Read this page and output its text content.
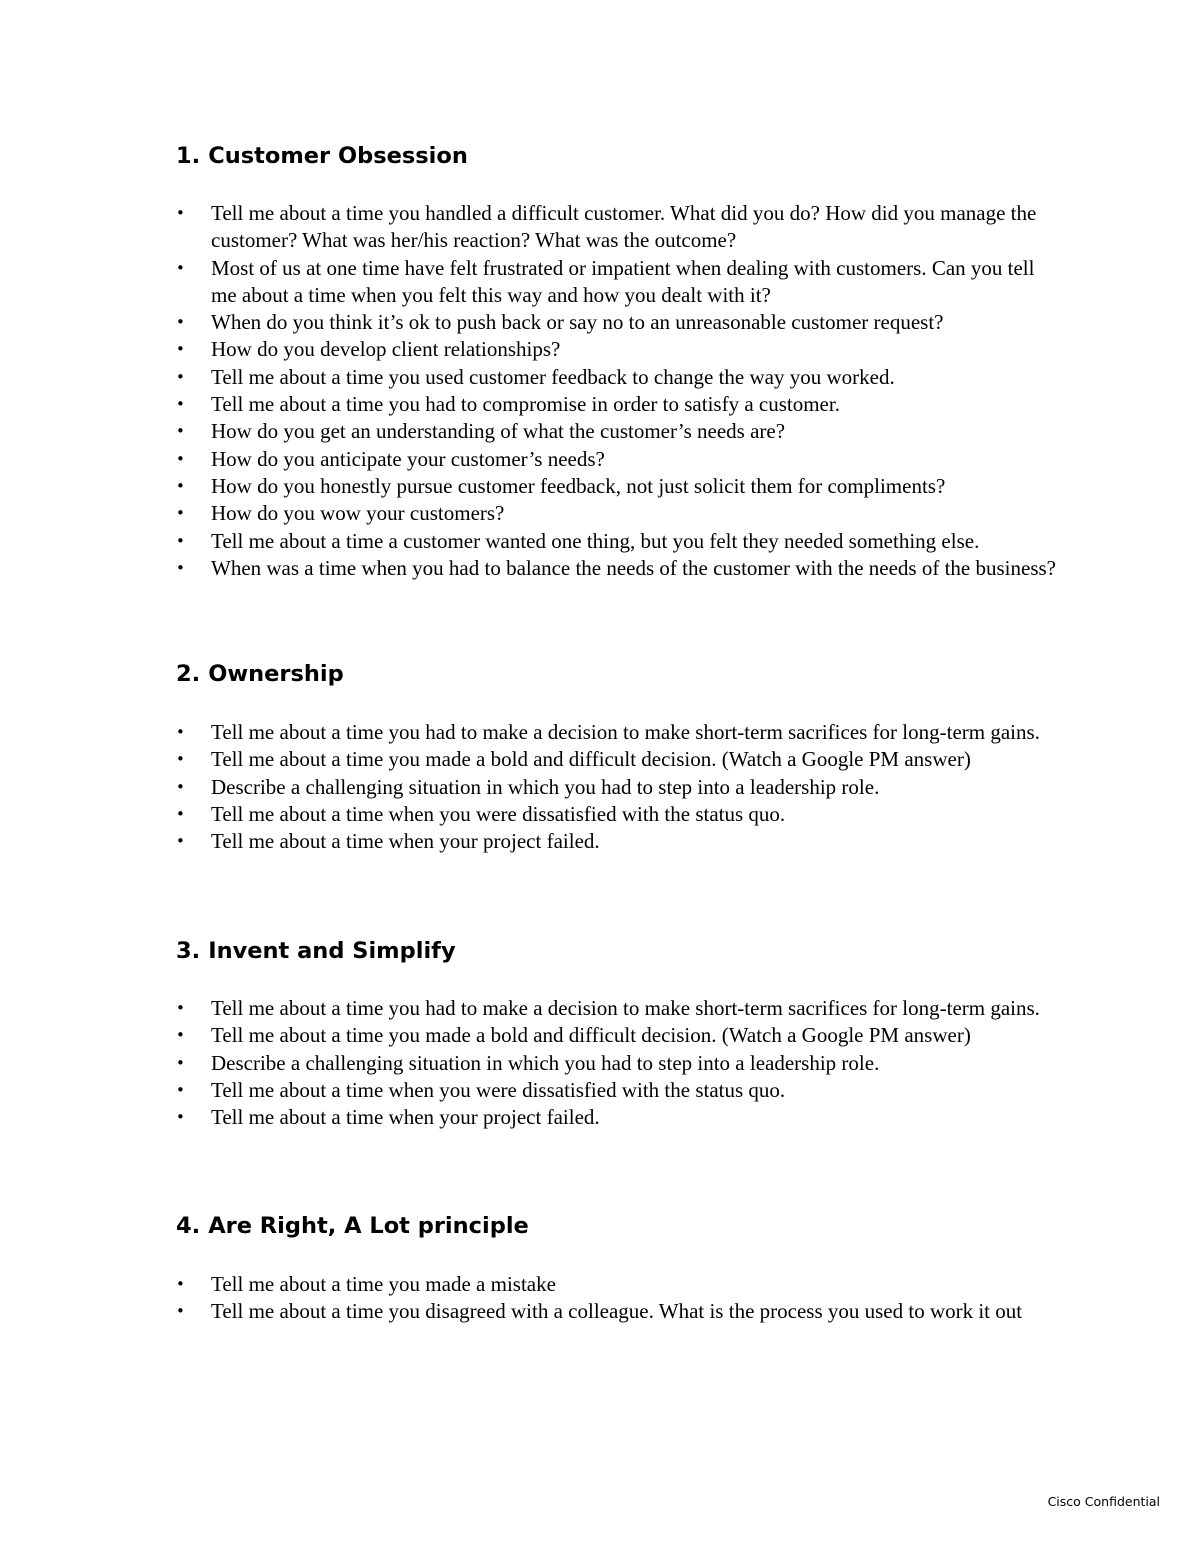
1. Customer Obsession
• Tell me about a time you handled a difficult customer. What did you do? How did you manage the customer? What was her/his reaction? What was the outcome?
• Most of us at one time have felt frustrated or impatient when dealing with customers. Can you tell me about a time when you felt this way and how you dealt with it?
• When do you think it’s ok to push back or say no to an unreasonable customer request?
• How do you develop client relationships?
• Tell me about a time you used customer feedback to change the way you worked.
• Tell me about a time you had to compromise in order to satisfy a customer.
• How do you get an understanding of what the customer’s needs are?
• How do you anticipate your customer’s needs?
• How do you honestly pursue customer feedback, not just solicit them for compliments?
• How do you wow your customers?
• Tell me about a time a customer wanted one thing, but you felt they needed something else.
• When was a time when you had to balance the needs of the customer with the needs of the business?
2. Ownership
• Tell me about a time you had to make a decision to make short-term sacrifices for long-term gains.
• Tell me about a time you made a bold and difficult decision. (Watch a Google PM answer)
• Describe a challenging situation in which you had to step into a leadership role.
• Tell me about a time when you were dissatisfied with the status quo.
• Tell me about a time when your project failed.
3. Invent and Simplify
• Tell me about a time you had to make a decision to make short-term sacrifices for long-term gains.
• Tell me about a time you made a bold and difficult decision. (Watch a Google PM answer)
• Describe a challenging situation in which you had to step into a leadership role.
• Tell me about a time when you were dissatisfied with the status quo.
• Tell me about a time when your project failed.
4. Are Right, A Lot principle
• Tell me about a time you made a mistake
• Tell me about a time you disagreed with a colleague. What is the process you used to work it out
Cisco Confidential
